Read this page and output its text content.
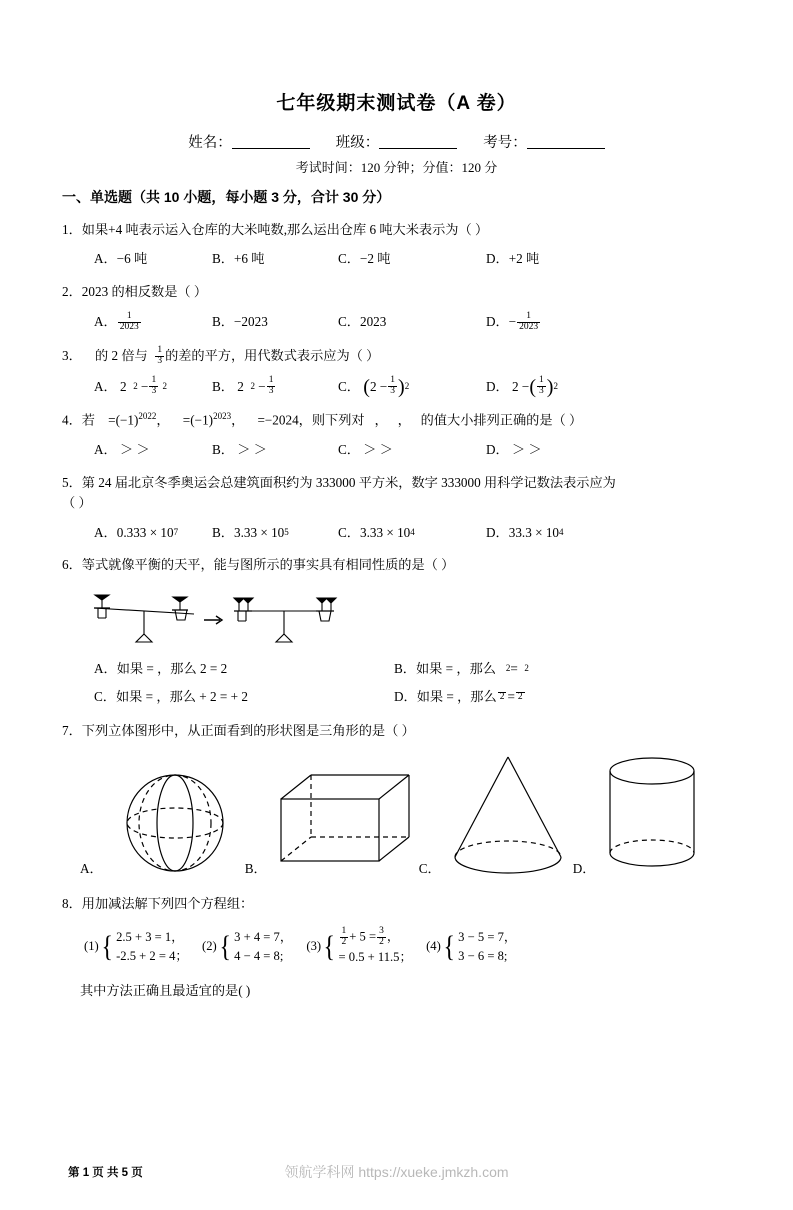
七年级期末测试卷（A 卷）
姓名：	班级：	考号：
考试时间：120 分钟；分值：120 分
一、单选题（共 10 小题，每小题 3 分，合计 30 分）
1．如果+4 吨表示运入仓库的大米吨数,那么运出仓库 6 吨大米表示为（ ）
A．−6 吨	B．+6 吨	C．−2 吨	D．+2 吨
2．2023 的相反数是（ ）
A． $\frac{1}{2023}$	B． −2023	C． 2023	D． − $\frac{1}{2023}$
3． 的 2 倍与 $\frac{1}{3}$ 的差的平方，用代数式表示应为（ ）
A．
2
2
− $\frac{1}{3}$
2	B．
2
2
− $\frac{1}{3}$	C．
( 2
− $\frac{1}{3}$ ) 2	D．
2
− ( $\frac{1}{3}$ ) 2
4．若 $=(-1)^{2022}$， $=(-1)^{2023}$， =−2024，则下列对 ， ， 的值大小排列正确的是（ ）
A． ＞ ＞	B． ＞ ＞	C． ＞ ＞	D． ＞ ＞
5．第 24 届北京冬季奥运会总建筑面积约为 333000 平方米，数字 333000 用科学记数法表示应为
（ ）
A． 0.333 × 10 7	B． 3.33 × 10 5	C． 3.33 × 10 4	D． 33.3 × 10 4
6．等式就像平衡的天平，能与图所示的事实具有相同性质的是（ ）
A．如果 = ，那么 2 = 2	B．如果 = ，那么
2 =
2
C．如果 = ，那么 + 2 = + 2	D．如果 = ，那么 2 = 2
7．下列立体图形中，从正面看到的形状图是三角形的是（ ）
A．	B．	C．	D．
8．用加减法解下列四个方程组：
(1) { 2.5 + 3 = 1，
-2.5 + 2 = 4；
(2) { 3 + 4 = 7，
4 − 4 = 8;
(3) { $\frac{1}{2} + 5 = \frac{3}{2}$ ，
= 0.5 + 11.5；
(4) { 3 − 5 = 7，
3 − 6 = 8;
其中方法正确且最适宜的是( )
第 1 页 共 5 页	领航学科网 https://xueke.jmkzh.com
